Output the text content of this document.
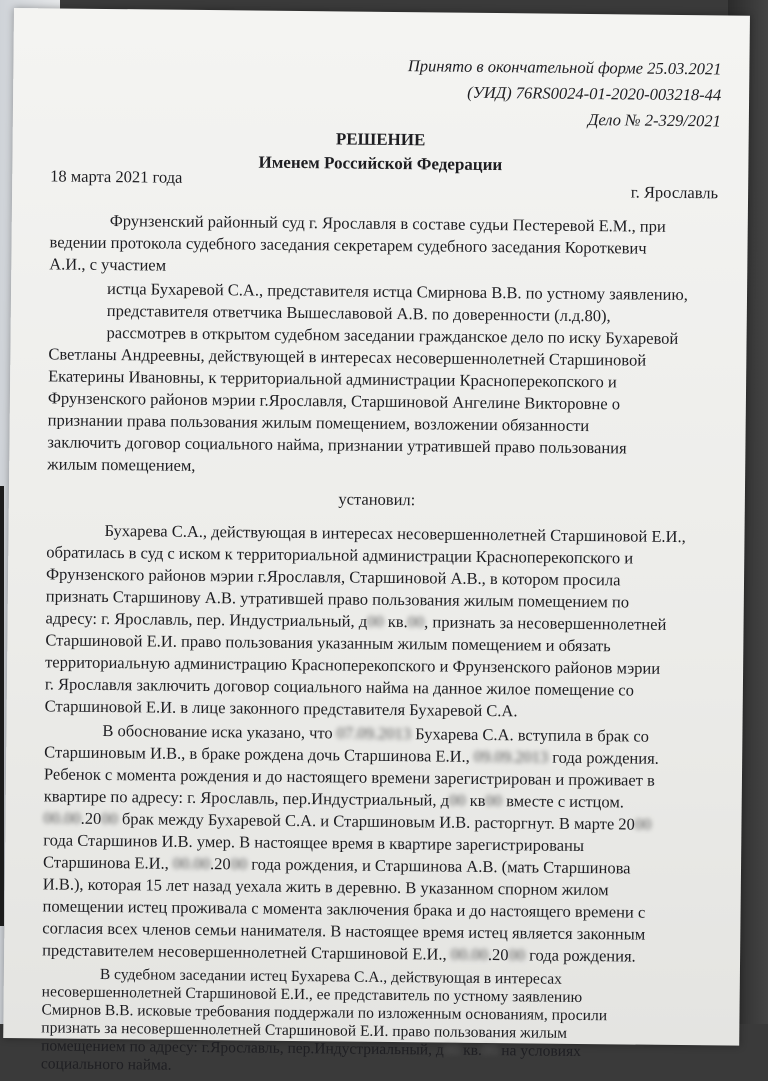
Принято в окончательной форме 25.03.2021
(УИД) 76RS0024-01-2020-003218-44
Дело № 2-329/2021
РЕШЕНИЕ
Именем Российской Федерации
18 марта 2021 года
г. Ярославль
Фрунзенский районный суд г. Ярославля в составе судьи Пестеревой Е.М., при
ведении протокола судебного заседания секретарем судебного заседания Короткевич
А.И., с участием
истца Бухаревой С.А., представителя истца Смирнова В.В. по устному заявлению,
представителя ответчика Вышеславовой А.В. по доверенности (л.д.80),
рассмотрев в открытом судебном заседании гражданское дело по иску Бухаревой
Светланы Андреевны, действующей в интересах несовершеннолетней Старшиновой
Екатерины Ивановны, к территориальной администрации Красноперекопского и
Фрунзенского районов мэрии г.Ярославля, Старшиновой Ангелине Викторовне о
признании права пользования жилым помещением, возложении обязанности
заключить договор социального найма, признании утратившей право пользования
жилым помещением,
установил:
Бухарева С.А., действующая в интересах несовершеннолетней Старшиновой Е.И.,
обратилась в суд с иском к территориальной администрации Красноперекопского и
Фрунзенского районов мэрии г.Ярославля, Старшиновой А.В., в котором просила
признать Старшинову А.В. утратившей право пользования жилым помещением по
адресу: г. Ярославль, пер. Индустриальный, д00 кв.00, признать за несовершеннолетней
Старшиновой Е.И. право пользования указанным жилым помещением и обязать
территориальную администрацию Красноперекопского и Фрунзенского районов мэрии
г. Ярославля заключить договор социального найма на данное жилое помещение со
Старшиновой Е.И. в лице законного представителя Бухаревой С.А.
В обоснование иска указано, что 07.09.2013 Бухарева С.А. вступила в брак со
Старшиновым И.В., в браке рождена дочь Старшинова Е.И., 09.09.2013 года рождения.
Ребенок с момента рождения и до настоящего времени зарегистрирован и проживает в
квартире по адресу: г. Ярославль, пер.Индустриальный, д00 кв00 вместе с истцом.
00.00.2000 брак между Бухаревой С.А. и Старшиновым И.В. расторгнут. В марте 2000
года Старшинов И.В. умер. В настоящее время в квартире зарегистрированы
Старшинова Е.И., 00.00.2000 года рождения, и Старшинова А.В. (мать Старшинова
И.В.), которая 15 лет назад уехала жить в деревню. В указанном спорном жилом
помещении истец проживала с момента заключения брака и до настоящего времени с
согласия всех членов семьи нанимателя. В настоящее время истец является законным
представителем несовершеннолетней Старшиновой Е.И., 00.00.2000 года рождения.
В судебном заседании истец Бухарева С.А., действующая в интересах
несовершеннолетней Старшиновой Е.И., ее представитель по устному заявлению
Смирнов В.В. исковые требования поддержали по изложенным основаниям, просили
признать за несовершеннолетней Старшиновой Е.И. право пользования жилым
помещением по адресу: г.Ярославль, пер.Индустриальный, д00 кв.00 на условиях
социального найма.
